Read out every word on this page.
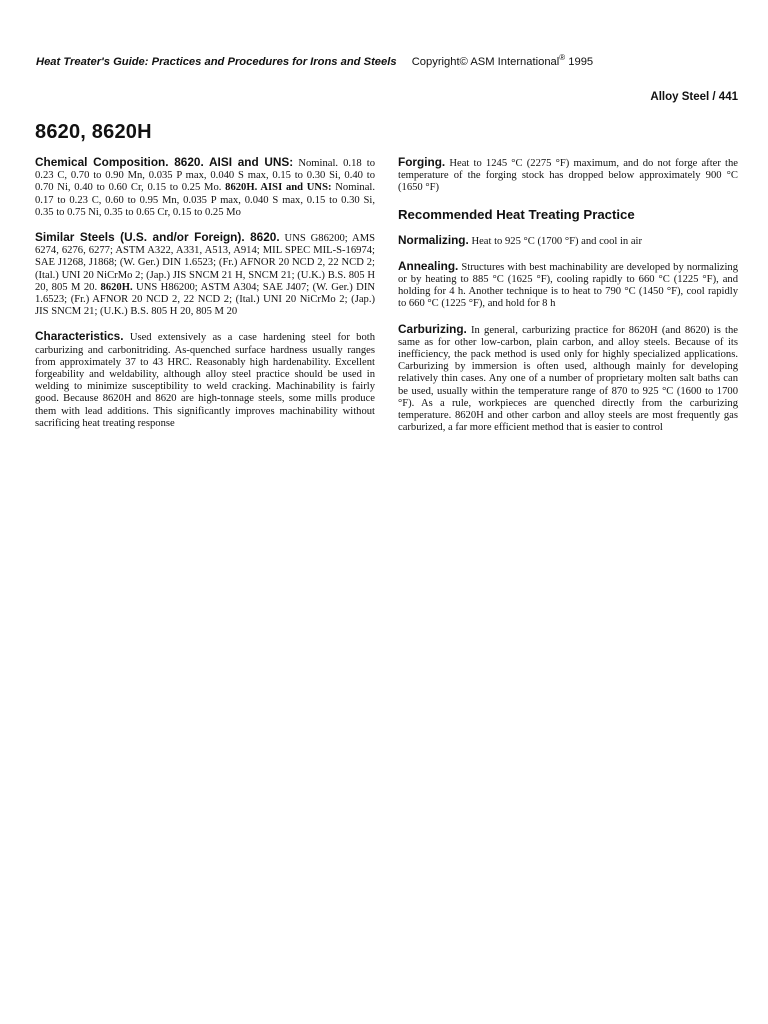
Heat Treater's Guide: Practices and Procedures for Irons and Steels Copyright© ASM International® 1995
Alloy Steel / 441
8620, 8620H

Chemical Composition. 8620. AISI and UNS: Nominal. 0.18 to 0.23 C, 0.70 to 0.90 Mn, 0.035 P max, 0.040 S max, 0.15 to 0.30 Si, 0.40 to 0.70 Ni, 0.40 to 0.60 Cr, 0.15 to 0.25 Mo. 8620H. AISI and UNS: Nominal. 0.17 to 0.23 C, 0.60 to 0.95 Mn, 0.035 P max, 0.040 S max, 0.15 to 0.30 Si, 0.35 to 0.75 Ni, 0.35 to 0.65 Cr, 0.15 to 0.25 Mo

Similar Steels (U.S. and/or Foreign). 8620. UNS G86200; AMS 6274, 6276, 6277; ASTM A322, A331, A513, A914; MIL SPEC MIL-S-16974; SAE J1268, J1868; (W. Ger.) DIN 1.6523; (Fr.) AFNOR 20 NCD 2, 22 NCD 2; (Ital.) UNI 20 NiCrMo 2; (Jap.) JIS SNCM 21 H, SNCM 21; (U.K.) B.S. 805 H 20, 805 M 20. 8620H. UNS H86200; ASTM A304; SAE J407; (W. Ger.) DIN 1.6523; (Fr.) AFNOR 20 NCD 2, 22 NCD 2; (Ital.) UNI 20 NiCrMo 2; (Jap.) JIS SNCM 21; (U.K.) B.S. 805 H 20, 805 M 20

Characteristics. Used extensively as a case hardening steel for both carburizing and carbonitriding. As-quenched surface hardness usually ranges from approximately 37 to 43 HRC. Reasonably high hardenability. Excellent forgeability and weldability, although alloy steel practice should be used in welding to minimize susceptibility to weld cracking. Machinability is fairly good. Because 8620H and 8620 are high-tonnage steels, some mills produce them with lead additions. This significantly improves machinability without sacrificing heat treating response

Forging. Heat to 1245 °C (2275 °F) maximum, and do not forge after the temperature of the forging stock has dropped below approximately 900 °C (1650 °F)

Recommended Heat Treating Practice

Normalizing. Heat to 925 °C (1700 °F) and cool in air

Annealing. Structures with best machinability are developed by normalizing or by heating to 885 °C (1625 °F), cooling rapidly to 660 °C (1225 °F), and holding for 4 h. Another technique is to heat to 790 °C (1450 °F), cool rapidly to 660 °C (1225 °F), and hold for 8 h

Carburizing. In general, carburizing practice for 8620H (and 8620) is the same as for other low-carbon, plain carbon, and alloy steels. Because of its inefficiency, the pack method is used only for highly specialized applications. Carburizing by immersion is often used, although mainly for developing relatively thin cases. Any one of a number of proprietary molten salt baths can be used, usually within the temperature range of 870 to 925 °C (1600 to 1700 °F). As a rule, workpieces are quenched directly from the carburizing temperature. 8620H and other carbon and alloy steels are most frequently gas carburized, a far more efficient method that is easier to control
